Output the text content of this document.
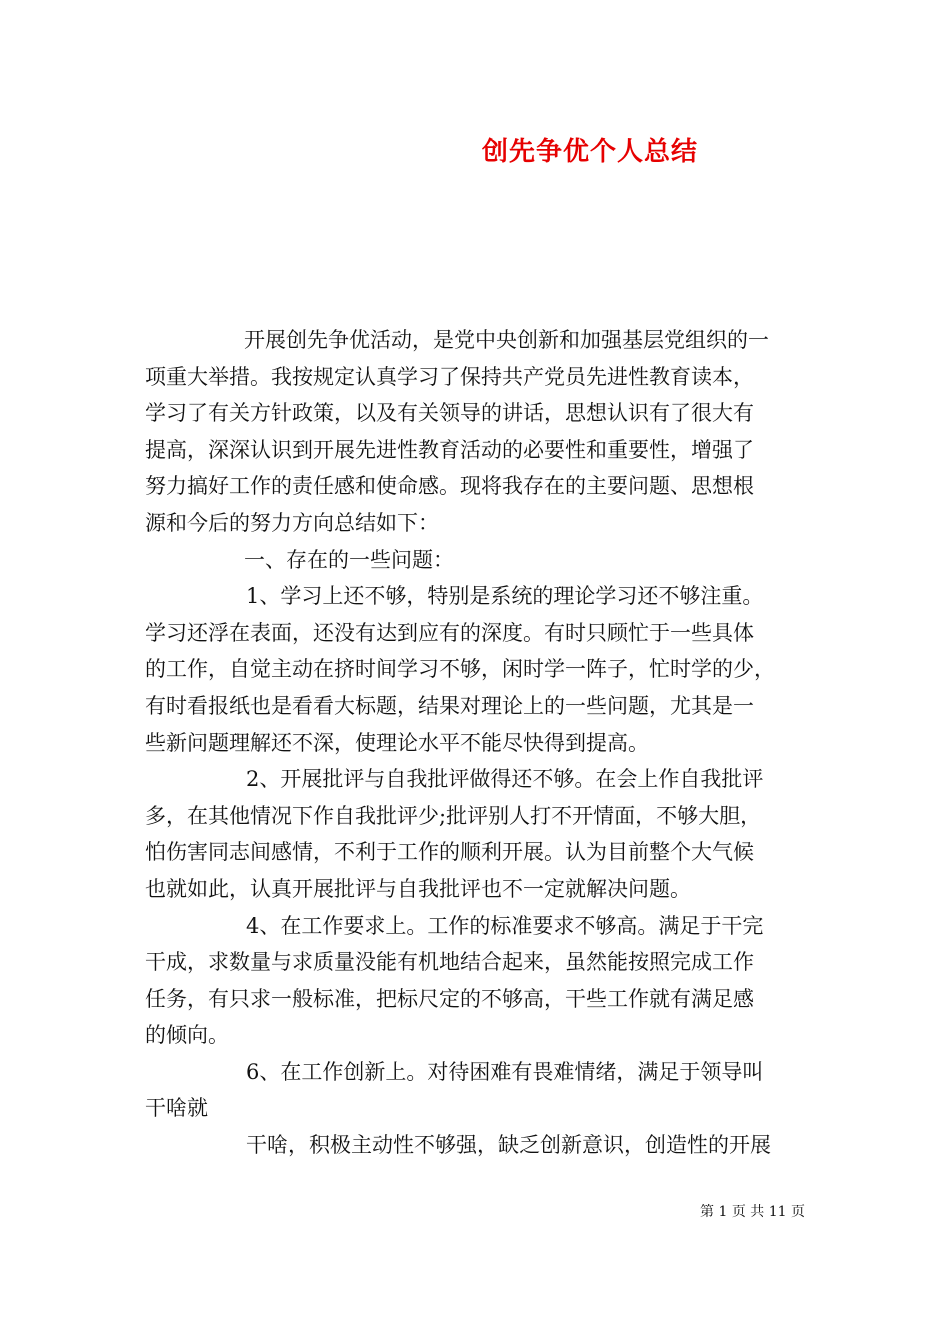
创先争优个人总结
开展创先争优活动，是党中央创新和加强基层党组织的一
项重大举措。我按规定认真学习了保持共产党员先进性教育读本，
学习了有关方针政策，以及有关领导的讲话，思想认识有了很大有
提高，深深认识到开展先进性教育活动的必要性和重要性，增强了
努力搞好工作的责任感和使命感。现将我存在的主要问题、思想根
源和今后的努力方向总结如下：
一、存在的一些问题：
1、学习上还不够，特别是系统的理论学习还不够注重。
学习还浮在表面，还没有达到应有的深度。有时只顾忙于一些具体
的工作，自觉主动在挤时间学习不够，闲时学一阵子，忙时学的少，
有时看报纸也是看看大标题，结果对理论上的一些问题，尤其是一
些新问题理解还不深，使理论水平不能尽快得到提高。
2、开展批评与自我批评做得还不够。在会上作自我批评
多，在其他情况下作自我批评少;批评别人打不开情面，不够大胆，
怕伤害同志间感情，不利于工作的顺利开展。认为目前整个大气候
也就如此，认真开展批评与自我批评也不一定就解决问题。
4、在工作要求上。工作的标准要求不够高。满足于干完
干成，求数量与求质量没能有机地结合起来，虽然能按照完成工作
任务，有只求一般标准，把标尺定的不够高，干些工作就有满足感
的倾向。
6、在工作创新上。对待困难有畏难情绪，满足于领导叫
干啥就
干啥，积极主动性不够强，缺乏创新意识，创造性的开展
第 1 页 共 11 页
